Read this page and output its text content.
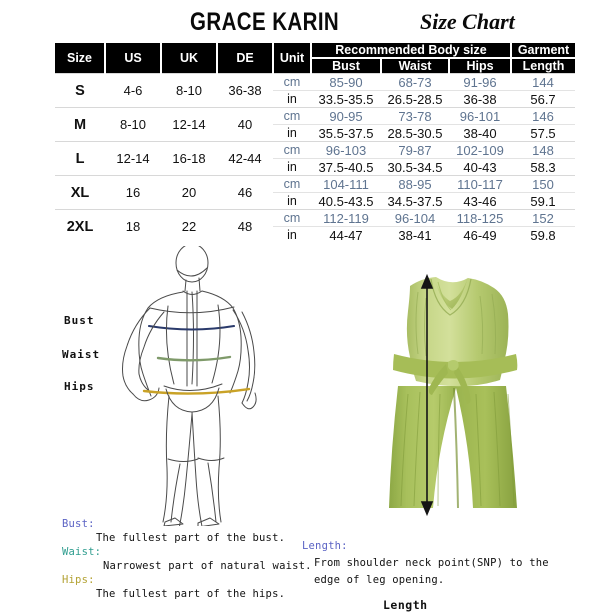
GRACE KARIN	Size Chart
Size	US	UK	DE	Unit	Recommended Body size			Garment
					Bust	Waist	Hips	Length
S	4-6	8-10	36-38	cm	85-90	68-73	91-96	144
				in	33.5-35.5	26.5-28.5	36-38	56.7
M	8-10	12-14	40	cm	90-95	73-78	96-101	146
				in	35.5-37.5	28.5-30.5	38-40	57.5
L	12-14	16-18	42-44	cm	96-103	79-87	102-109	148
				in	37.5-40.5	30.5-34.5	40-43	58.3
XL	16	20	46	cm	104-111	88-95	110-117	150
				in	40.5-43.5	34.5-37.5	43-46	59.1
2XL	18	22	48	cm	112-119	96-104	118-125	152
				in	44-47	38-41	46-49	59.8
Bust
Waist
Hips
Length
Bust:
The fullest part of the bust.
Waist:
Narrowest part of natural waist.
Hips:
The fullest part of the hips.
Length:
From shoulder neck point(SNP) to the
edge of leg opening.
